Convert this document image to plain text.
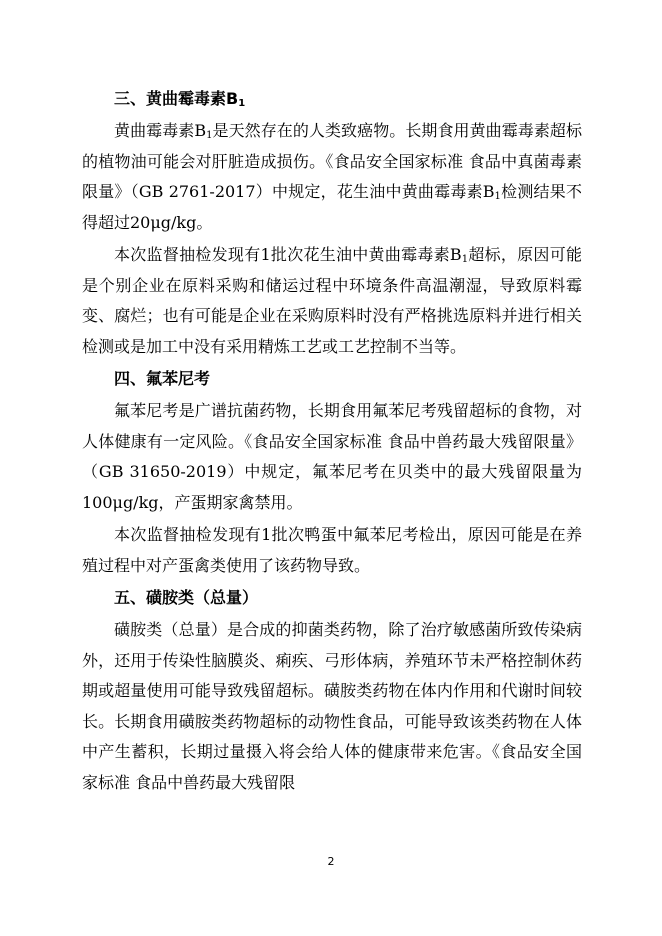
三、黄曲霉毒素$B_1$

黄曲霉毒素$B_1$是天然存在的人类致癌物。长期食用黄曲霉毒素超标的植物油可能会对肝脏造成损伤。《食品安全国家标准 食品中真菌毒素限量》（GB 2761-2017）中规定，花生油中黄曲霉毒素$B_1$检测结果不得超过20μg/kg。

本次监督抽检发现有1批次花生油中黄曲霉毒素$B_1$超标，原因可能是个别企业在原料采购和储运过程中环境条件高温潮湿，导致原料霉变、腐烂；也有可能是企业在采购原料时没有严格挑选原料并进行相关检测或是加工中没有采用精炼工艺或工艺控制不当等。

四、氟苯尼考

氟苯尼考是广谱抗菌药物，长期食用氟苯尼考残留超标的食物，对人体健康有一定风险。《食品安全国家标准 食品中兽药最大残留限量》（GB 31650-2019）中规定，氟苯尼考在贝类中的最大残留限量为100μg/kg，产蛋期家禽禁用。

本次监督抽检发现有1批次鸭蛋中氟苯尼考检出，原因可能是在养殖过程中对产蛋禽类使用了该药物导致。

五、磺胺类（总量）

磺胺类（总量）是合成的抑菌类药物，除了治疗敏感菌所致传染病外，还用于传染性脑膜炎、痢疾、弓形体病，养殖环节未严格控制休药期或超量使用可能导致残留超标。磺胺类药物在体内作用和代谢时间较长。长期食用磺胺类药物超标的动物性食品，可能导致该类药物在人体中产生蓄积，长期过量摄入将会给人体的健康带来危害。《食品安全国家标准 食品中兽药最大残留限

2
